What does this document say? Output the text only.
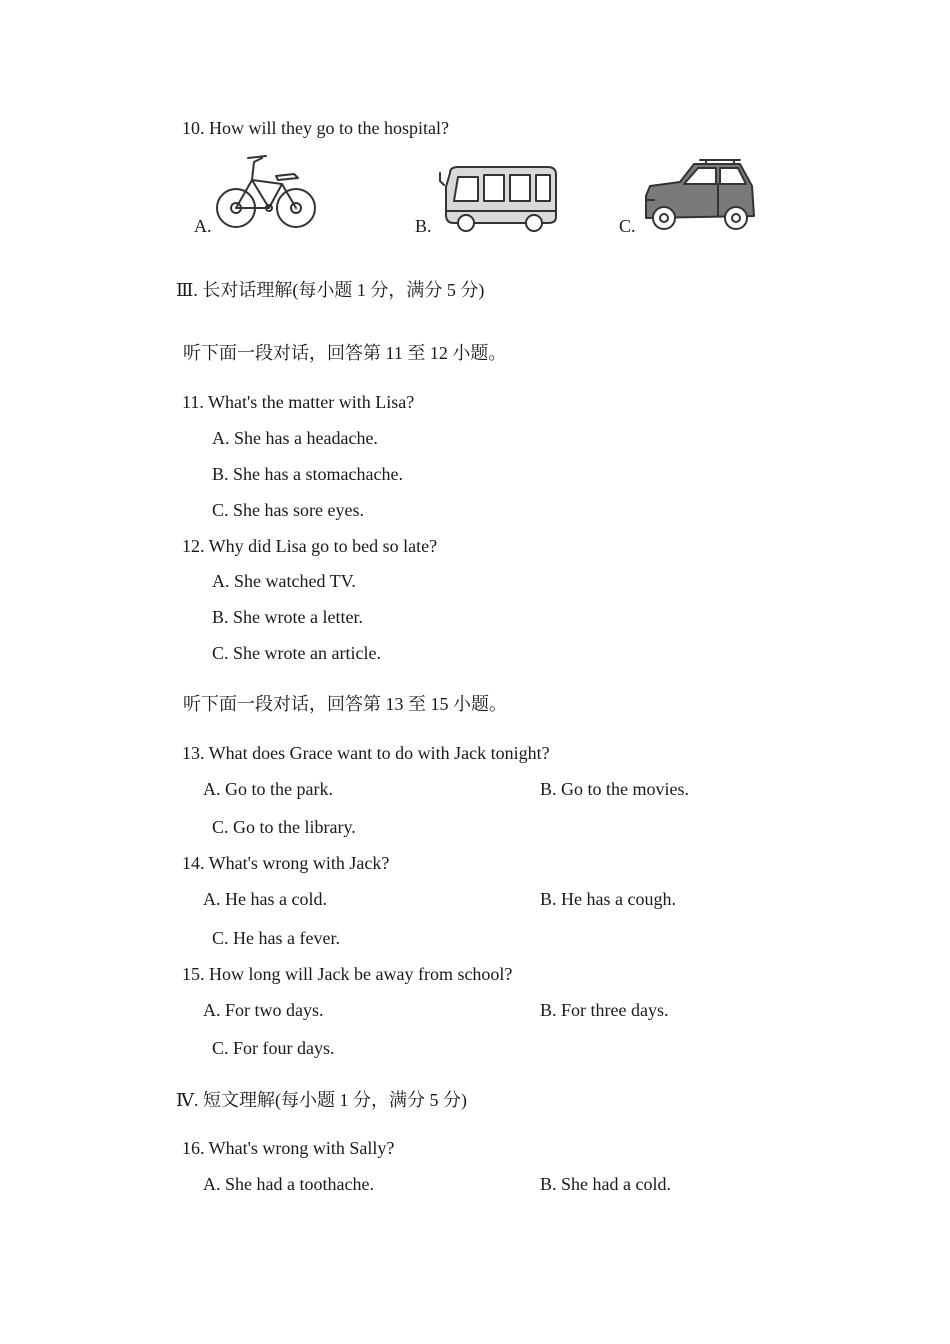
10. How will they go to the hospital?
A.	B.	C.
Ⅲ. 长对话理解(每小题 1 分，满分 5 分)
听下面一段对话，回答第 11 至 12 小题。
11. What's the matter with Lisa?
A. She has a headache.
B. She has a stomachache.
C. She has sore eyes.
12. Why did Lisa go to bed so late?
A. She watched TV.
B. She wrote a letter.
C. She wrote an article.
听下面一段对话，回答第 13 至 15 小题。
13. What does Grace want to do with Jack tonight?
A. Go to the park.	B. Go to the movies.
C. Go to the library.
14. What's wrong with Jack?
A. He has a cold.	B. He has a cough.
C. He has a fever.
15. How long will Jack be away from school?
A. For two days.	B. For three days.
C. For four days.
Ⅳ. 短文理解(每小题 1 分，满分 5 分)
16. What's wrong with Sally?
A. She had a toothache.	B. She had a cold.
